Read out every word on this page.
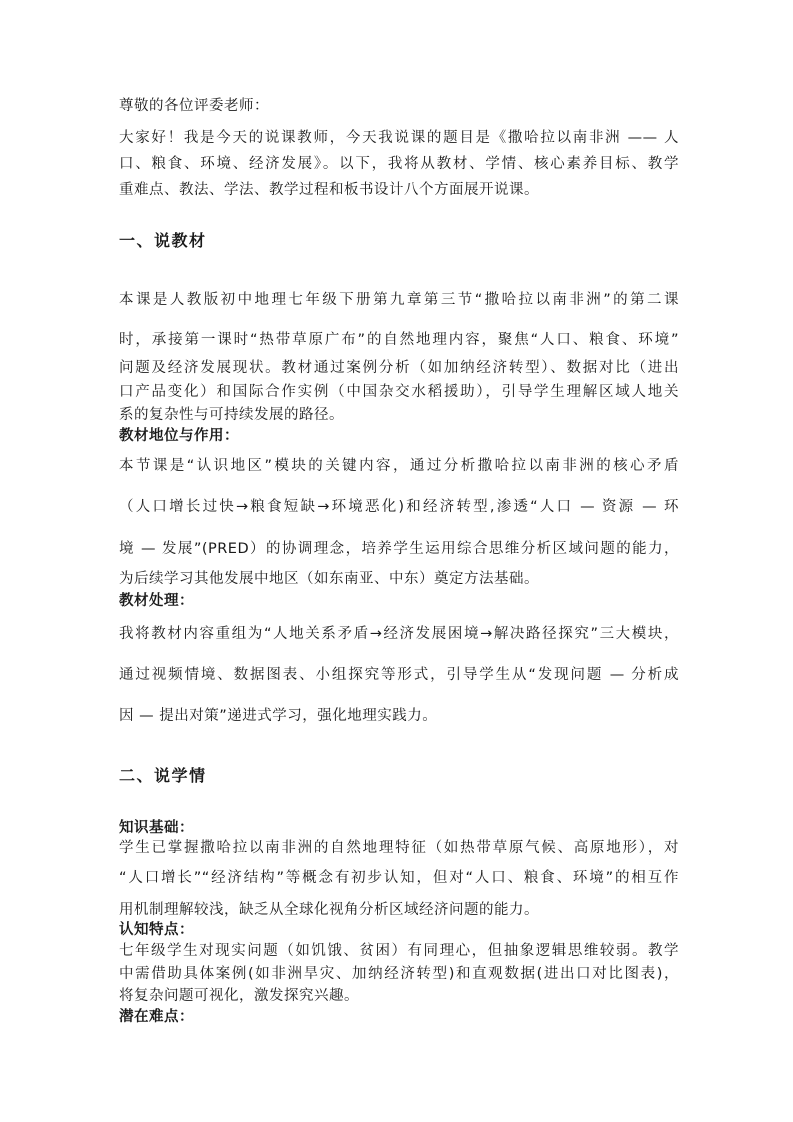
尊敬的各位评委老师：
大家好！我是今天的说课教师，今天我说课的题目是《撒哈拉以南非洲 —— 人
口、粮食、环境、经济发展》。以下，我将从教材、学情、核心素养目标、教学
重难点、教法、学法、教学过程和板书设计八个方面展开说课。
一、说教材
本课是人教版初中地理七年级下册第九章第三节“撒哈拉以南非洲”的第二课
时，承接第一课时“热带草原广布”的自然地理内容，聚焦“人口、粮食、环境”
问题及经济发展现状。教材通过案例分析（如加纳经济转型）、数据对比（进出
口产品变化）和国际合作实例（中国杂交水稻援助），引导学生理解区域人地关
系的复杂性与可持续发展的路径。
教材地位与作用：
本节课是“认识地区”模块的关键内容，通过分析撒哈拉以南非洲的核心矛盾
（人口增长过快→粮食短缺→环境恶化)和经济转型,渗透“人口 — 资源 — 环
境 — 发展”(PRED）的协调理念，培养学生运用综合思维分析区域问题的能力，
为后续学习其他发展中地区（如东南亚、中东）奠定方法基础。
教材处理：
我将教材内容重组为“人地关系矛盾→经济发展困境→解决路径探究”三大模块，
通过视频情境、数据图表、小组探究等形式，引导学生从“发现问题 — 分析成
因 — 提出对策”递进式学习，强化地理实践力。
二、说学情
知识基础：
学生已掌握撒哈拉以南非洲的自然地理特征（如热带草原气候、高原地形），对
“人口增长”“经济结构”等概念有初步认知，但对“人口、粮食、环境”的相互作
用机制理解较浅，缺乏从全球化视角分析区域经济问题的能力。
认知特点：
七年级学生对现实问题（如饥饿、贫困）有同理心，但抽象逻辑思维较弱。教学
中需借助具体案例(如非洲旱灾、加纳经济转型)和直观数据(进出口对比图表)，
将复杂问题可视化，激发探究兴趣。
潜在难点：
